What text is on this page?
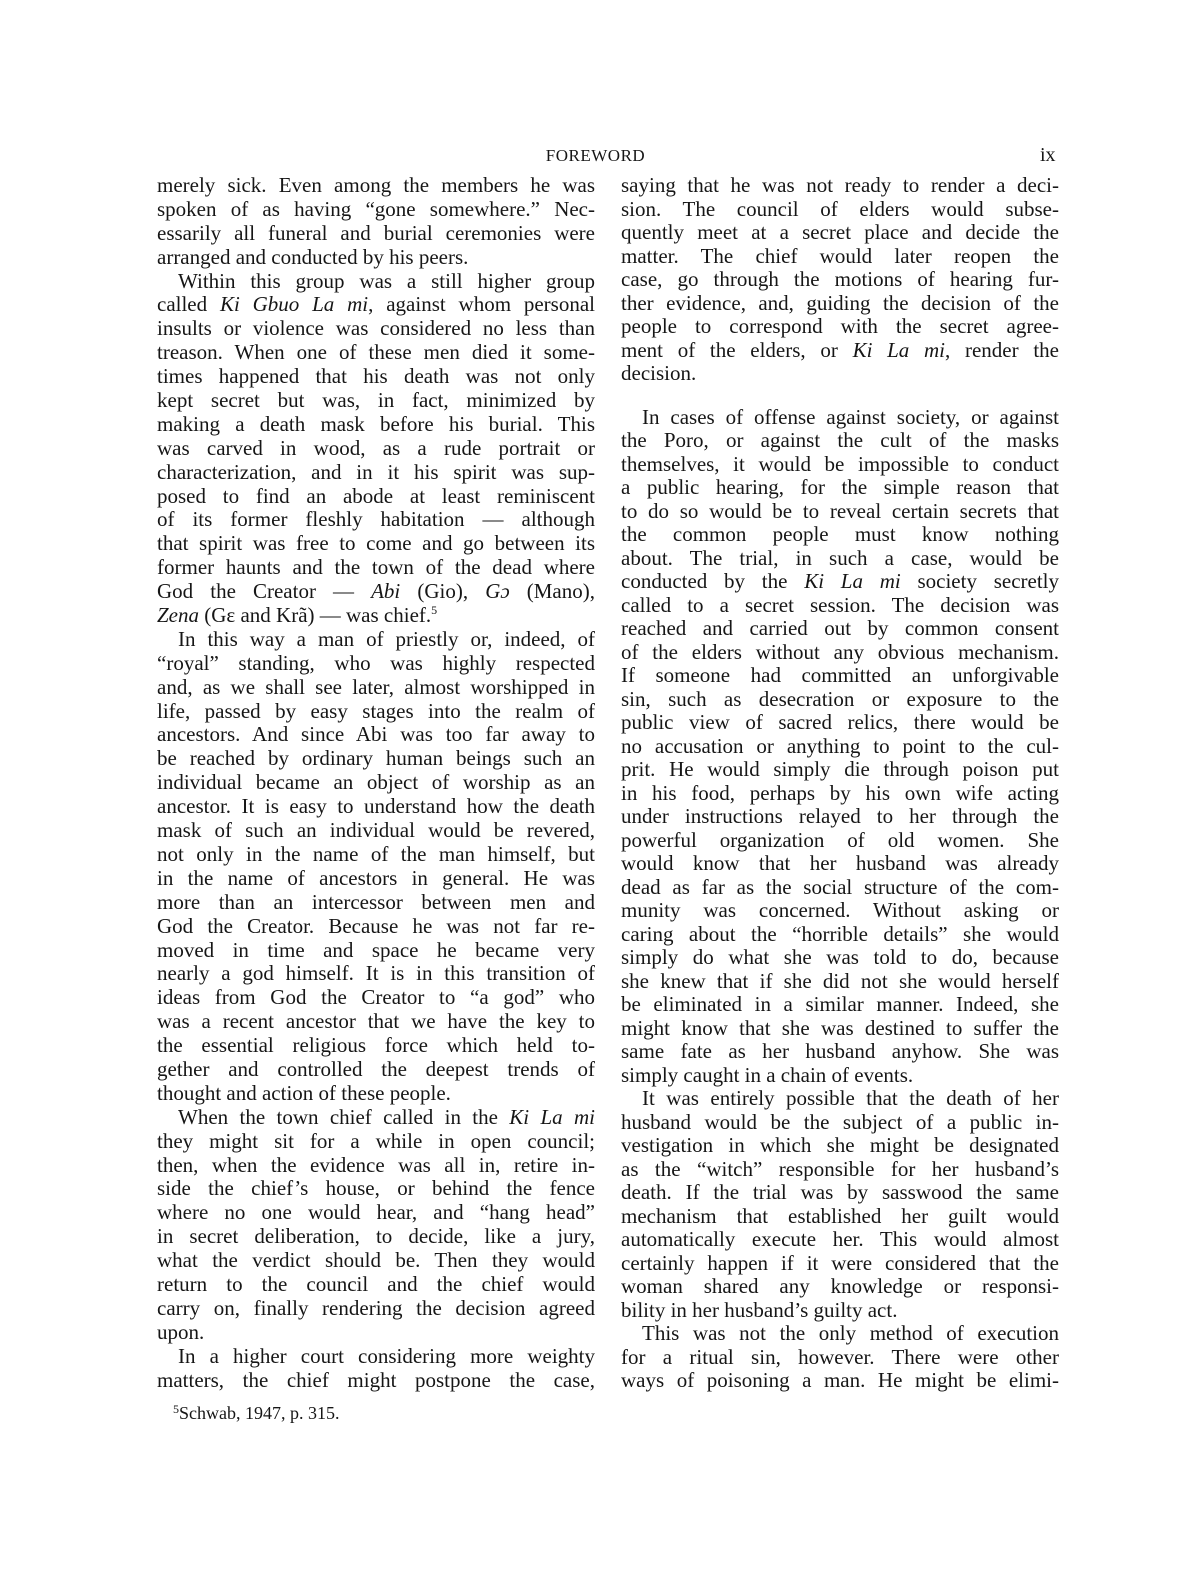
FOREWORD	ix
merely sick. Even among the members he was
spoken of as having “gone somewhere.” Nec-
essarily all funeral and burial ceremonies were
arranged and conducted by his peers.
Within this group was a still higher group
called Ki Gbuo La mi, against whom personal
insults or violence was considered no less than
treason. When one of these men died it some-
times happened that his death was not only
kept secret but was, in fact, minimized by
making a death mask before his burial. This
was carved in wood, as a rude portrait or
characterization, and in it his spirit was sup-
posed to find an abode at least reminiscent
of its former fleshly habitation — although
that spirit was free to come and go between its
former haunts and the town of the dead where
God the Creator — Abi (Gio), Gɔ (Mano),
Zena (Gɛ and Krã) — was chief.$^5$
In this way a man of priestly or, indeed, of
“royal” standing, who was highly respected
and, as we shall see later, almost worshipped in
life, passed by easy stages into the realm of
ancestors. And since Abi was too far away to
be reached by ordinary human beings such an
individual became an object of worship as an
ancestor. It is easy to understand how the death
mask of such an individual would be revered,
not only in the name of the man himself, but
in the name of ancestors in general. He was
more than an intercessor between men and
God the Creator. Because he was not far re-
moved in time and space he became very
nearly a god himself. It is in this transition of
ideas from God the Creator to “a god” who
was a recent ancestor that we have the key to
the essential religious force which held to-
gether and controlled the deepest trends of
thought and action of these people.
When the town chief called in the Ki La mi
they might sit for a while in open council;
then, when the evidence was all in, retire in-
side the chief’s house, or behind the fence
where no one would hear, and “hang head”
in secret deliberation, to decide, like a jury,
what the verdict should be. Then they would
return to the council and the chief would
carry on, finally rendering the decision agreed
upon.
In a higher court considering more weighty
matters, the chief might postpone the case,
saying that he was not ready to render a deci-
sion. The council of elders would subse-
quently meet at a secret place and decide the
matter. The chief would later reopen the
case, go through the motions of hearing fur-
ther evidence, and, guiding the decision of the
people to correspond with the secret agree-
ment of the elders, or Ki La mi, render the
decision.
In cases of offense against society, or against
the Poro, or against the cult of the masks
themselves, it would be impossible to conduct
a public hearing, for the simple reason that
to do so would be to reveal certain secrets that
the common people must know nothing
about. The trial, in such a case, would be
conducted by the Ki La mi society secretly
called to a secret session. The decision was
reached and carried out by common consent
of the elders without any obvious mechanism.
If someone had committed an unforgivable
sin, such as desecration or exposure to the
public view of sacred relics, there would be
no accusation or anything to point to the cul-
prit. He would simply die through poison put
in his food, perhaps by his own wife acting
under instructions relayed to her through the
powerful organization of old women. She
would know that her husband was already
dead as far as the social structure of the com-
munity was concerned. Without asking or
caring about the “horrible details” she would
simply do what she was told to do, because
she knew that if she did not she would herself
be eliminated in a similar manner. Indeed, she
might know that she was destined to suffer the
same fate as her husband anyhow. She was
simply caught in a chain of events.
It was entirely possible that the death of her
husband would be the subject of a public in-
vestigation in which she might be designated
as the “witch” responsible for her husband’s
death. If the trial was by sasswood the same
mechanism that established her guilt would
automatically execute her. This would almost
certainly happen if it were considered that the
woman shared any knowledge or responsi-
bility in her husband’s guilty act.
This was not the only method of execution
for a ritual sin, however. There were other
ways of poisoning a man. He might be elimi-
$^5$Schwab, 1947, p. 315.
